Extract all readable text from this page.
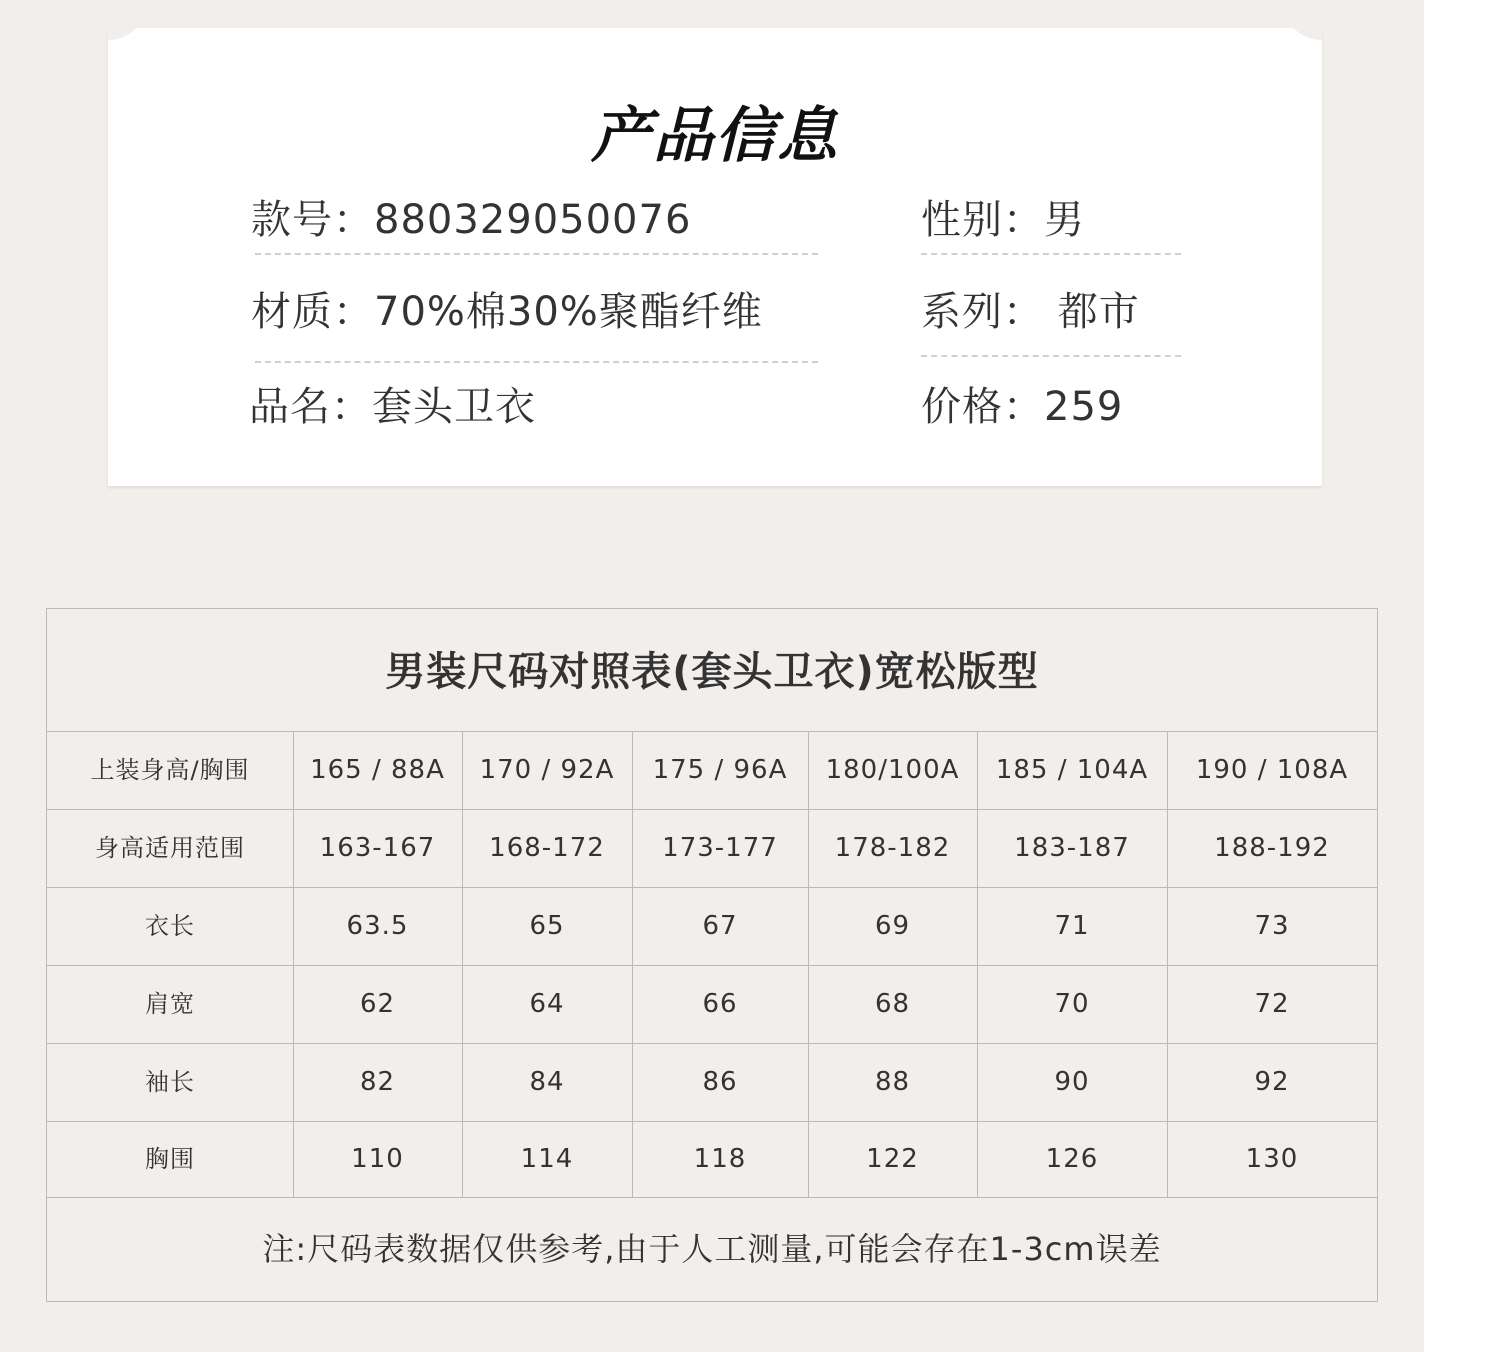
产品信息
款号：880329050076	性别：男
材质：70%棉30%聚酯纤维	系列： 都市
品名：套头卫衣	价格：259
男装尺码对照表(套头卫衣)宽松版型
上装身高/胸围	165 / 88A	170 / 92A	175 / 96A	180/100A	185 / 104A	190 / 108A
身高适用范围	163-167	168-172	173-177	178-182	183-187	188-192
衣长	63.5	65	67	69	71	73
肩宽	62	64	66	68	70	72
袖长	82	84	86	88	90	92
胸围	110	114	118	122	126	130
注:尺码表数据仅供参考,由于人工测量,可能会存在1-3cm误差
